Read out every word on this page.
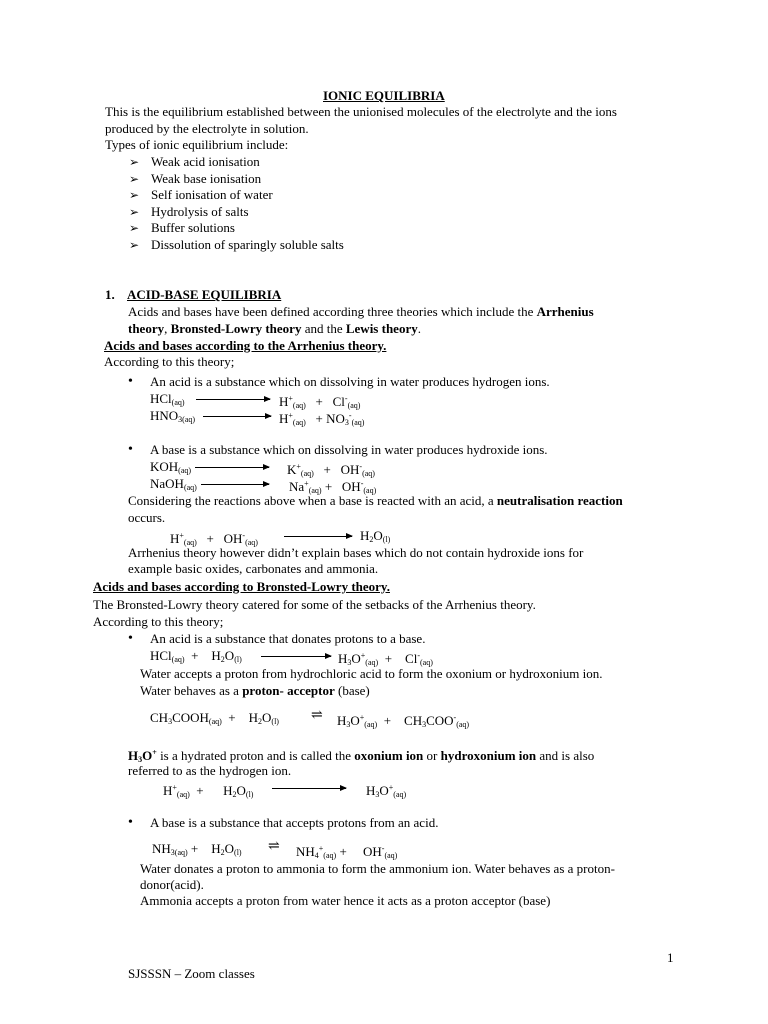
IONIC EQUILIBRIA
This is the equilibrium established between the unionised molecules of the electrolyte and the ions
produced by the electrolyte in solution.
Types of ionic equilibrium include:
➢ Weak acid ionisation
➢ Weak base ionisation
➢ Self ionisation of water
➢ Hydrolysis of salts
➢ Buffer solutions
➢ Dissolution of sparingly soluble salts
1. ACID-BASE EQUILIBRIA
Acids and bases have been defined according three theories which include the Arrhenius
theory, Bronsted-Lowry theory and the Lewis theory.
Acids and bases according to the Arrhenius theory.
According to this theory;
• An acid is a substance which on dissolving in water produces hydrogen ions.
HCl$_{(aq)}$	$H^+_{(aq)} + Cl^-_{(aq)}$
$HNO_{3(aq)}$	$H^+_{(aq)} + NO_3^-_{(aq)}$
• A base is a substance which on dissolving in water produces hydroxide ions.
$KOH_{(aq)}$	$K^+_{(aq)} + OH^-_{(aq)}$
NaOH$_{(aq)}$	$Na^+_{(aq)} + OH^-_{(aq)}$
Considering the reactions above when a base is reacted with an acid, a neutralisation reaction
occurs.
$H^+_{(aq)} + OH^-_{(aq)}$	$H_2O_{(l)}$
Arrhenius theory however didn’t explain bases which do not contain hydroxide ions for
example basic oxides, carbonates and ammonia.
Acids and bases according to Bronsted-Lowry theory.
The Bronsted-Lowry theory catered for some of the setbacks of the Arrhenius theory.
According to this theory;
• An acid is a substance that donates protons to a base.
HCl$_{(aq)}$  +    $H_2O_{(l)}$	$H_3O^+_{(aq)}$  +    $Cl^-_{(aq)}$
Water accepts a proton from hydrochloric acid to form the oxonium or hydroxonium ion.
Water behaves as a proton- acceptor (base)
$CH_3COOH_{(aq)}$  +    $H_2O_{(l)}$ ⇌ $H_3O^+_{(aq)}$  +    $CH_3COO^-_{(aq)}$
$H_3O^+$ is a hydrated proton and is called the oxonium ion or hydroxonium ion and is also
referred to as the hydrogen ion.
$H^+_{(aq)}$  +      $H_2O_{(l)}$	$H_3O^+_{(aq)}$
• A base is a substance that accepts protons from an acid.
$NH_{3(aq)}$ +    $H_2O_{(l)}$ ⇌ $NH_4^+_{(aq)}$ +     $OH^-_{(aq)}$
Water donates a proton to ammonia to form the ammonium ion. Water behaves as a proton-
donor(acid).
Ammonia accepts a proton from water hence it acts as a proton acceptor (base)
1
SJSSSN – Zoom classes
